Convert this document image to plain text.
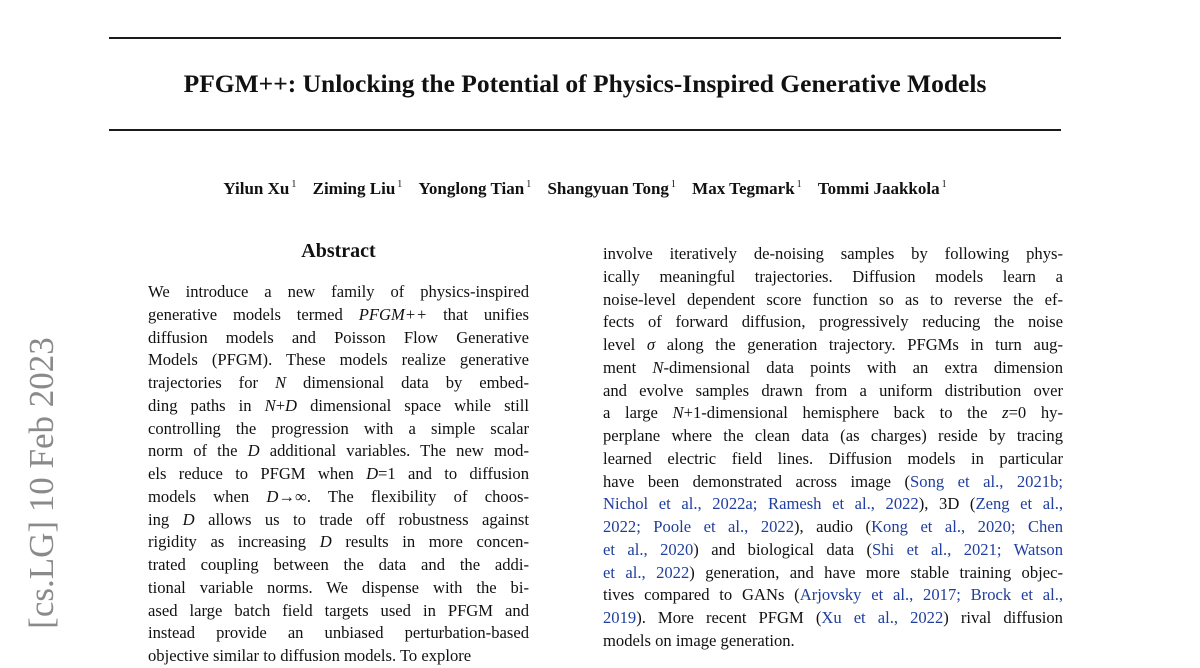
[cs.LG] 10 Feb 2023
PFGM++: Unlocking the Potential of Physics-Inspired Generative Models
Yilun Xu $^1$ Ziming Liu $^1$ Yonglong Tian $^1$ Shangyuan Tong $^1$ Max Tegmark $^1$ Tommi Jaakkola $^1$
Abstract
We introduce a new family of physics-inspired
generative models termed PFGM++ that unifies
diffusion models and Poisson Flow Generative
Models (PFGM). These models realize generative
trajectories for N dimensional data by embed-
ding paths in N+D dimensional space while still
controlling the progression with a simple scalar
norm of the D additional variables. The new mod-
els reduce to PFGM when D=1 and to diffusion
models when D→∞. The flexibility of choos-
ing D allows us to trade off robustness against
rigidity as increasing D results in more concen-
trated coupling between the data and the addi-
tional variable norms. We dispense with the bi-
ased large batch field targets used in PFGM and
instead provide an unbiased perturbation-based
objective similar to diffusion models. To explore
involve iteratively de-noising samples by following phys-
ically meaningful trajectories. Diffusion models learn a
noise-level dependent score function so as to reverse the ef-
fects of forward diffusion, progressively reducing the noise
level σ along the generation trajectory. PFGMs in turn aug-
ment N-dimensional data points with an extra dimension
and evolve samples drawn from a uniform distribution over
a large N+1-dimensional hemisphere back to the z=0 hy-
perplane where the clean data (as charges) reside by tracing
learned electric field lines. Diffusion models in particular
have been demonstrated across image (Song et al., 2021b;
Nichol et al., 2022a; Ramesh et al., 2022), 3D (Zeng et al.,
2022; Poole et al., 2022), audio (Kong et al., 2020; Chen
et al., 2020) and biological data (Shi et al., 2021; Watson
et al., 2022) generation, and have more stable training objec-
tives compared to GANs (Arjovsky et al., 2017; Brock et al.,
2019). More recent PFGM (Xu et al., 2022) rival diffusion
models on image generation.
